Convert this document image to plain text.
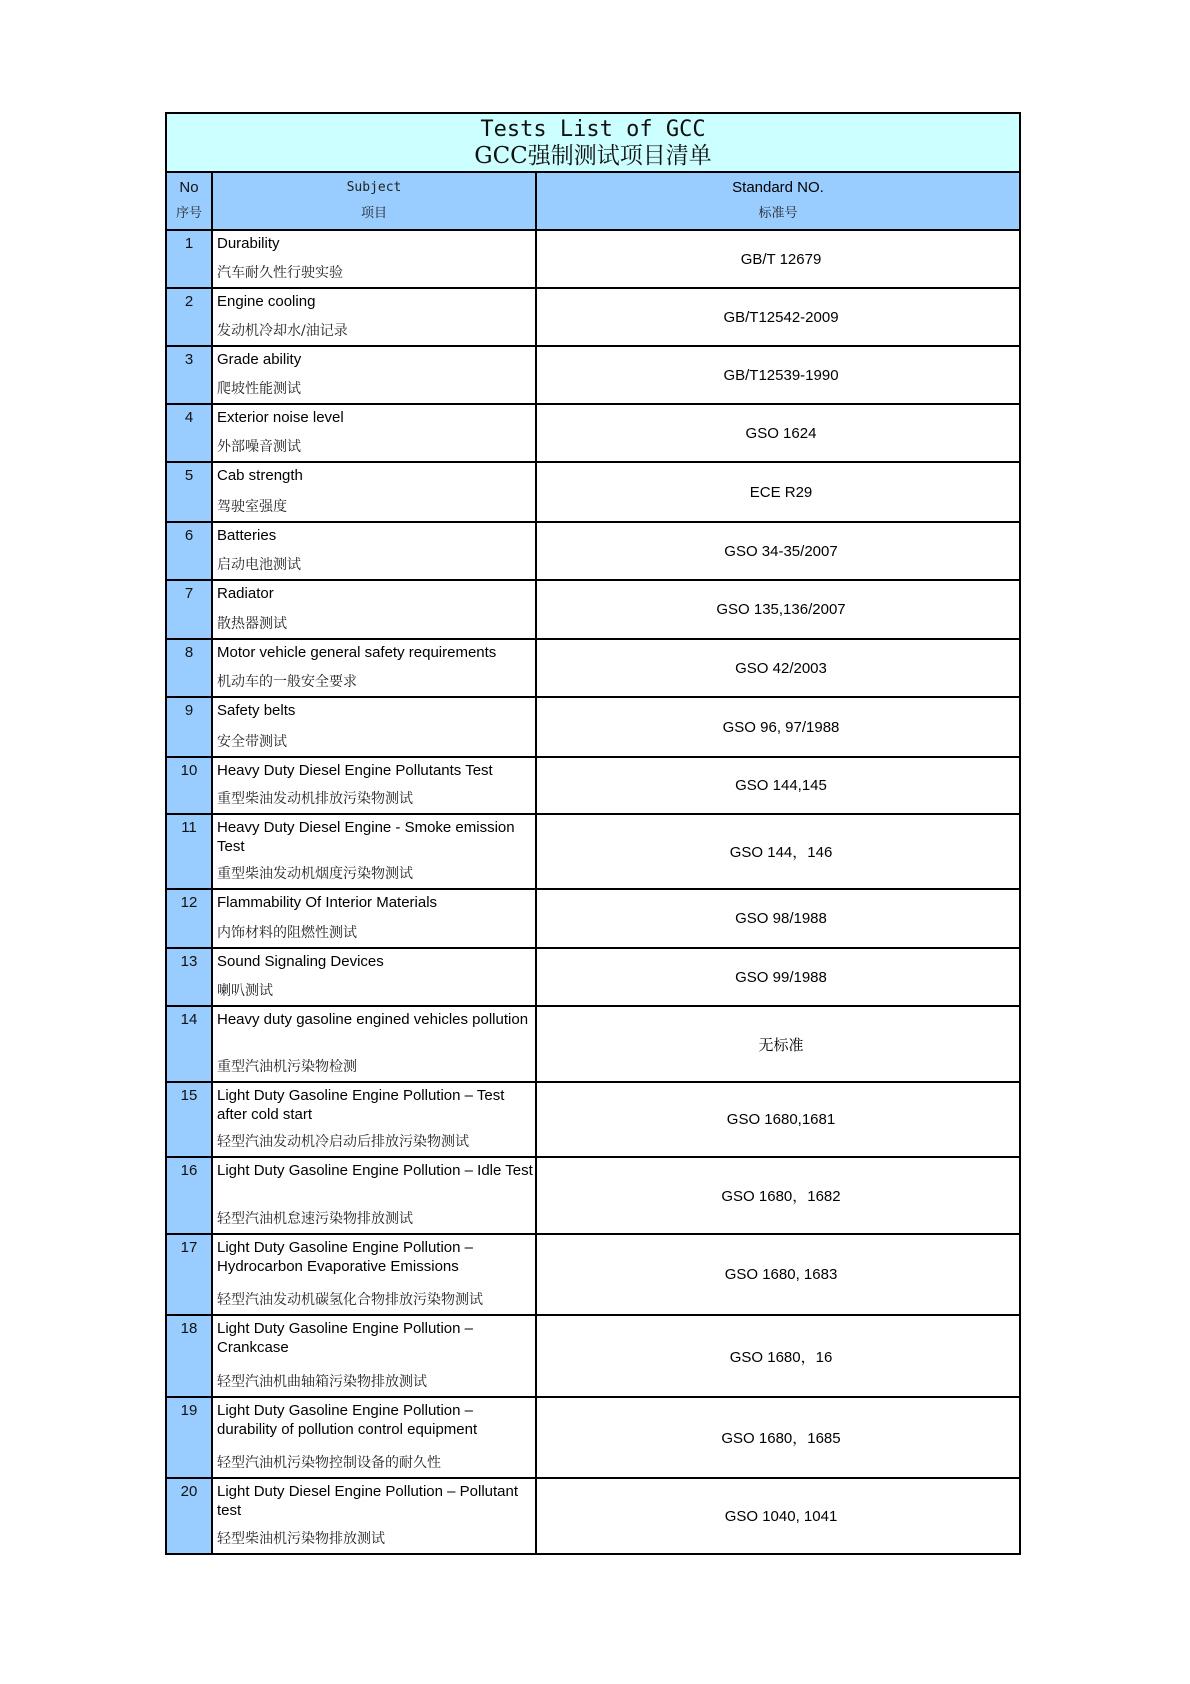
Tests List of GCC
GCC强制测试项目清单
No
序号
Subject
项目
Standard NO.
标准号
1	Durability
汽车耐久性行驶实验
GB/T 12679
2	Engine cooling
发动机冷却水/油记录
GB/T12542-2009
3	Grade ability
爬坡性能测试
GB/T12539-1990
4	Exterior noise level
外部噪音测试
GSO 1624
5	Cab strength
驾驶室强度
ECE R29
6	Batteries
启动电池测试
GSO 34-35/2007
7	Radiator
散热器测试
GSO 135,136/2007
8	Motor vehicle general safety requirements
机动车的一般安全要求
GSO 42/2003
9	Safety belts
安全带测试
GSO 96, 97/1988
10	Heavy Duty Diesel Engine Pollutants Test
重型柴油发动机排放污染物测试
GSO 144,145
11	Heavy Duty Diesel Engine - Smoke emission Test
重型柴油发动机烟度污染物测试
GSO 144，146
12	Flammability Of Interior Materials
内饰材料的阻燃性测试
GSO 98/1988
13	Sound Signaling Devices
喇叭测试
GSO 99/1988
14	Heavy duty gasoline engined vehicles pollution
重型汽油机污染物检测
无标准
15	Light Duty Gasoline Engine Pollution – Test after cold start
轻型汽油发动机冷启动后排放污染物测试
GSO 1680,1681
16	Light Duty Gasoline Engine Pollution – Idle Test
轻型汽油机怠速污染物排放测试
GSO 1680，1682
17	Light Duty Gasoline Engine Pollution – Hydrocarbon Evaporative Emissions
轻型汽油发动机碳氢化合物排放污染物测试
GSO 1680, 1683
18	Light Duty Gasoline Engine Pollution – Crankcase
轻型汽油机曲轴箱污染物排放测试
GSO 1680，16
19	Light Duty Gasoline Engine Pollution – durability of pollution control equipment
轻型汽油机污染物控制设备的耐久性
GSO 1680，1685
20	Light Duty Diesel Engine Pollution – Pollutant test
轻型柴油机污染物排放测试
GSO 1040, 1041
